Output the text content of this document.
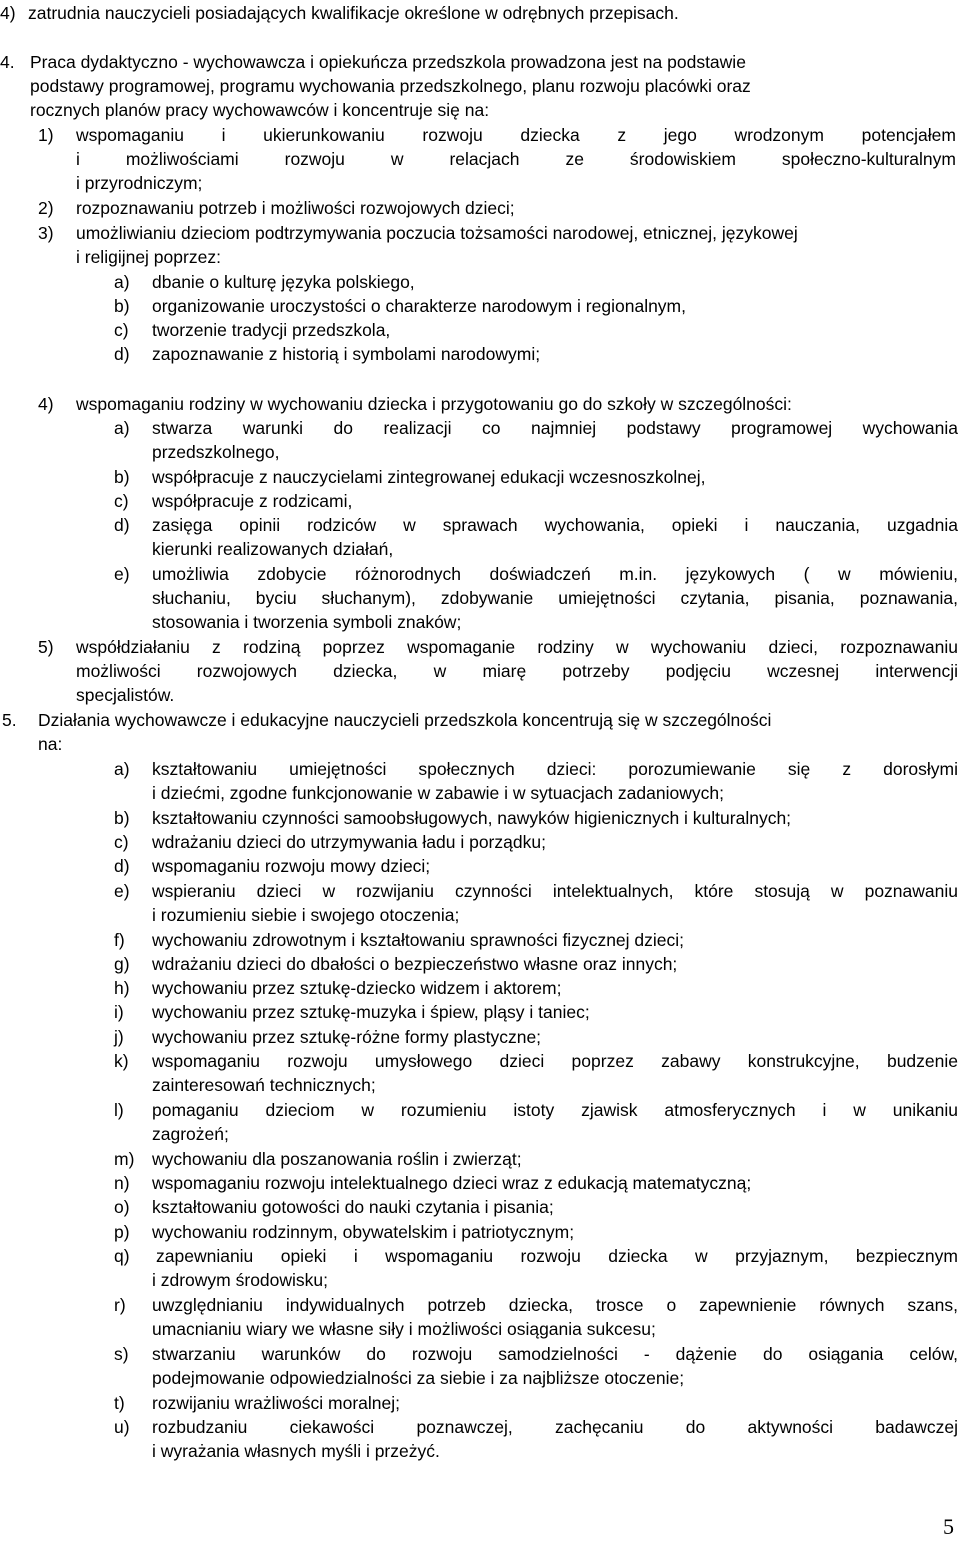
4) zatrudnia nauczycieli posiadających kwalifikacje określone w odrębnych przepisach.
4. Praca dydaktyczno - wychowawcza i opiekuńcza przedszkola prowadzona jest na podstawie
podstawy programowej, programu wychowania przedszkolnego, planu rozwoju placówki oraz
rocznych planów pracy wychowawców i koncentruje się na:
1) wspomaganiu i ukierunkowaniu rozwoju dziecka z jego wrodzonym potencjałem
i możliwościami rozwoju w relacjach ze środowiskiem społeczno-kulturalnym
i przyrodniczym;
2) rozpoznawaniu potrzeb i możliwości rozwojowych dzieci;
3) umożliwianiu dzieciom podtrzymywania poczucia tożsamości narodowej, etnicznej, językowej
i religijnej poprzez:
a) dbanie o kulturę języka polskiego,
b) organizowanie uroczystości o charakterze narodowym i regionalnym,
c) tworzenie tradycji przedszkola,
d) zapoznawanie z historią i symbolami narodowymi;
4) wspomaganiu rodziny w wychowaniu dziecka i przygotowaniu go do szkoły w szczególności:
a) stwarza warunki do realizacji co najmniej podstawy programowej wychowania
przedszkolnego,
b) współpracuje z nauczycielami zintegrowanej edukacji wczesnoszkolnej,
c) współpracuje z rodzicami,
d) zasięga opinii rodziców w sprawach wychowania, opieki i nauczania, uzgadnia
kierunki realizowanych działań,
e) umożliwia zdobycie różnorodnych doświadczeń m.in. językowych ( w mówieniu,
słuchaniu, byciu słuchanym), zdobywanie umiejętności czytania, pisania, poznawania,
stosowania i tworzenia symboli znaków;
5) współdziałaniu z rodziną poprzez wspomaganie rodziny w wychowaniu dzieci, rozpoznawaniu
możliwości rozwojowych dziecka, w miarę potrzeby podjęciu wczesnej interwencji
specjalistów.
5. Działania wychowawcze i edukacyjne nauczycieli przedszkola koncentrują się w szczególności
na:
a) kształtowaniu umiejętności społecznych dzieci: porozumiewanie się z dorosłymi
i dziećmi, zgodne funkcjonowanie w zabawie i w sytuacjach zadaniowych;
b) kształtowaniu czynności samoobsługowych, nawyków higienicznych i kulturalnych;
c) wdrażaniu dzieci do utrzymywania ładu i porządku;
d) wspomaganiu rozwoju mowy dzieci;
e) wspieraniu dzieci w rozwijaniu czynności intelektualnych, które stosują w poznawaniu
i rozumieniu siebie i swojego otoczenia;
f) wychowaniu zdrowotnym i kształtowaniu sprawności fizycznej dzieci;
g) wdrażaniu dzieci do dbałości o bezpieczeństwo własne oraz innych;
h) wychowaniu przez sztukę-dziecko widzem i aktorem;
i) wychowaniu przez sztukę-muzyka i śpiew, pląsy i taniec;
j) wychowaniu przez sztukę-różne formy plastyczne;
k) wspomaganiu rozwoju umysłowego dzieci poprzez zabawy konstrukcyjne, budzenie
zainteresowań technicznych;
l) pomaganiu dzieciom w rozumieniu istoty zjawisk atmosferycznych i w unikaniu
zagrożeń;
m) wychowaniu dla poszanowania roślin i zwierząt;
n) wspomaganiu rozwoju intelektualnego dzieci wraz z edukacją matematyczną;
o) kształtowaniu gotowości do nauki czytania i pisania;
p) wychowaniu rodzinnym, obywatelskim i patriotycznym;
q) zapewnianiu opieki i wspomaganiu rozwoju dziecka w przyjaznym, bezpiecznym
i zdrowym środowisku;
r) uwzględnianiu indywidualnych potrzeb dziecka, trosce o zapewnienie równych szans,
umacnianiu wiary we własne siły i możliwości osiągania sukcesu;
s) stwarzaniu warunków do rozwoju samodzielności - dążenie do osiągania celów,
podejmowanie odpowiedzialności za siebie i za najbliższe otoczenie;
t) rozwijaniu wrażliwości moralnej;
u) rozbudzaniu ciekawości poznawczej, zachęcaniu do aktywności badawczej
i wyrażania własnych myśli i przeżyć.
5
